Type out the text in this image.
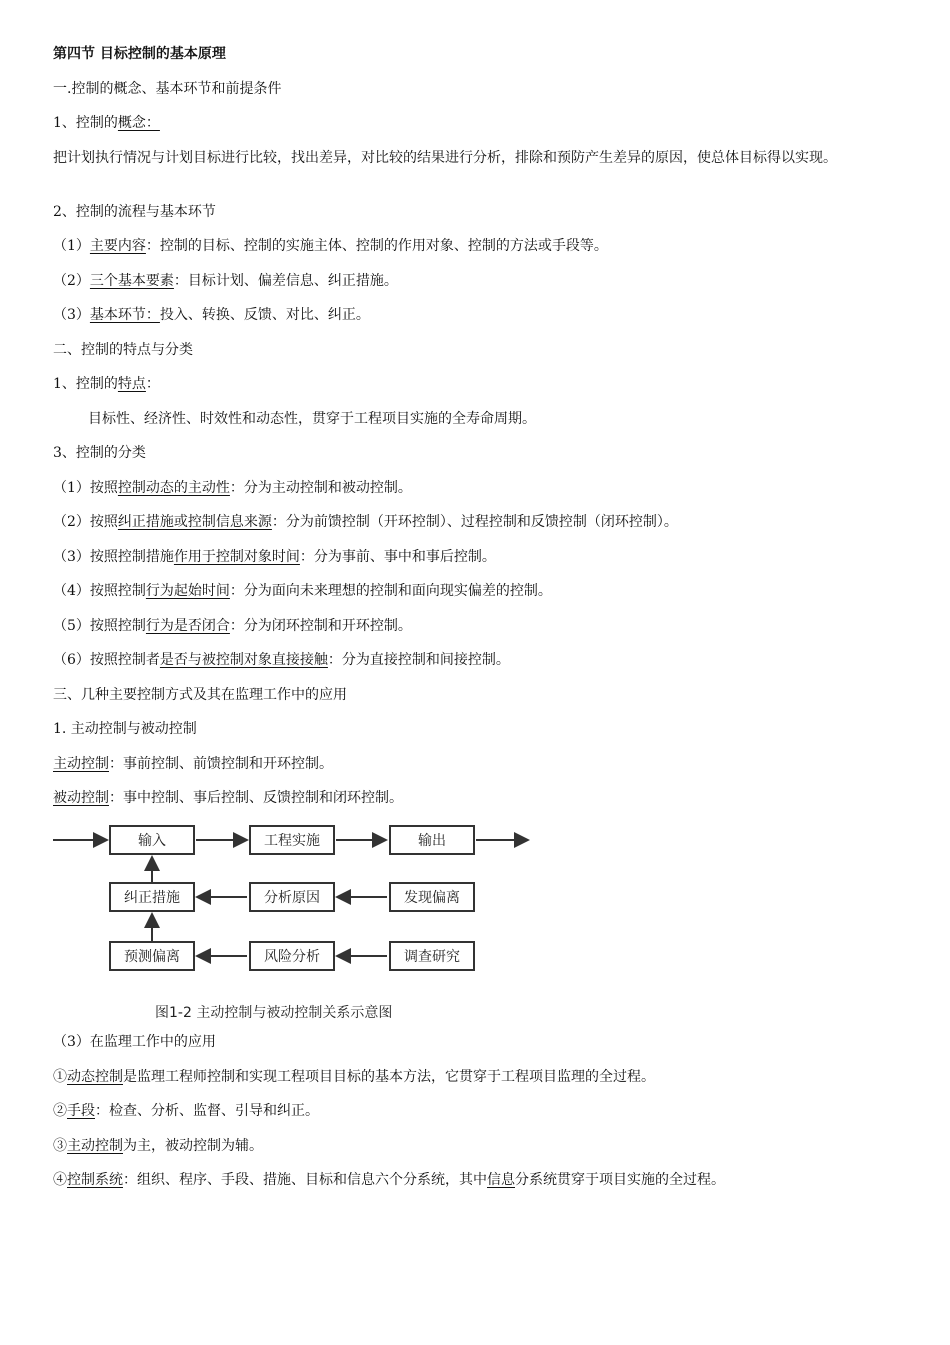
第四节 目标控制的基本原理
一.控制的概念、基本环节和前提条件
1、控制的概念：
把计划执行情况与计划目标进行比较，找出差异，对比较的结果进行分析，排除和预防产生差异的原因，使总体目标得以实现。
2、控制的流程与基本环节
（1）主要内容：控制的目标、控制的实施主体、控制的作用对象、控制的方法或手段等。
（2）三个基本要素：目标计划、偏差信息、纠正措施。
（3）基本环节：投入、转换、反馈、对比、纠正。
二、控制的特点与分类
1、控制的特点：
目标性、经济性、时效性和动态性，贯穿于工程项目实施的全寿命周期。
3、控制的分类
（1）按照控制动态的主动性：分为主动控制和被动控制。
（2）按照纠正措施或控制信息来源：分为前馈控制（开环控制）、过程控制和反馈控制（闭环控制）。
（3）按照控制措施作用于控制对象时间：分为事前、事中和事后控制。
（4）按照控制行为起始时间：分为面向未来理想的控制和面向现实偏差的控制。
（5）按照控制行为是否闭合：分为闭环控制和开环控制。
（6）按照控制者是否与被控制对象直接接触：分为直接控制和间接控制。
三、几种主要控制方式及其在监理工作中的应用
1. 主动控制与被动控制
主动控制：事前控制、前馈控制和开环控制。
被动控制：事中控制、事后控制、反馈控制和闭环控制。
输入	工程实施	输出
纠正措施	分析原因	发现偏离
预测偏离	风险分析	调查研究
图1-2 主动控制与被动控制关系示意图
（3）在监理工作中的应用
①动态控制是监理工程师控制和实现工程项目目标的基本方法，它贯穿于工程项目监理的全过程。
②手段：检查、分析、监督、引导和纠正。
③主动控制为主，被动控制为辅。
④控制系统：组织、程序、手段、措施、目标和信息六个分系统，其中信息分系统贯穿于项目实施的全过程。
